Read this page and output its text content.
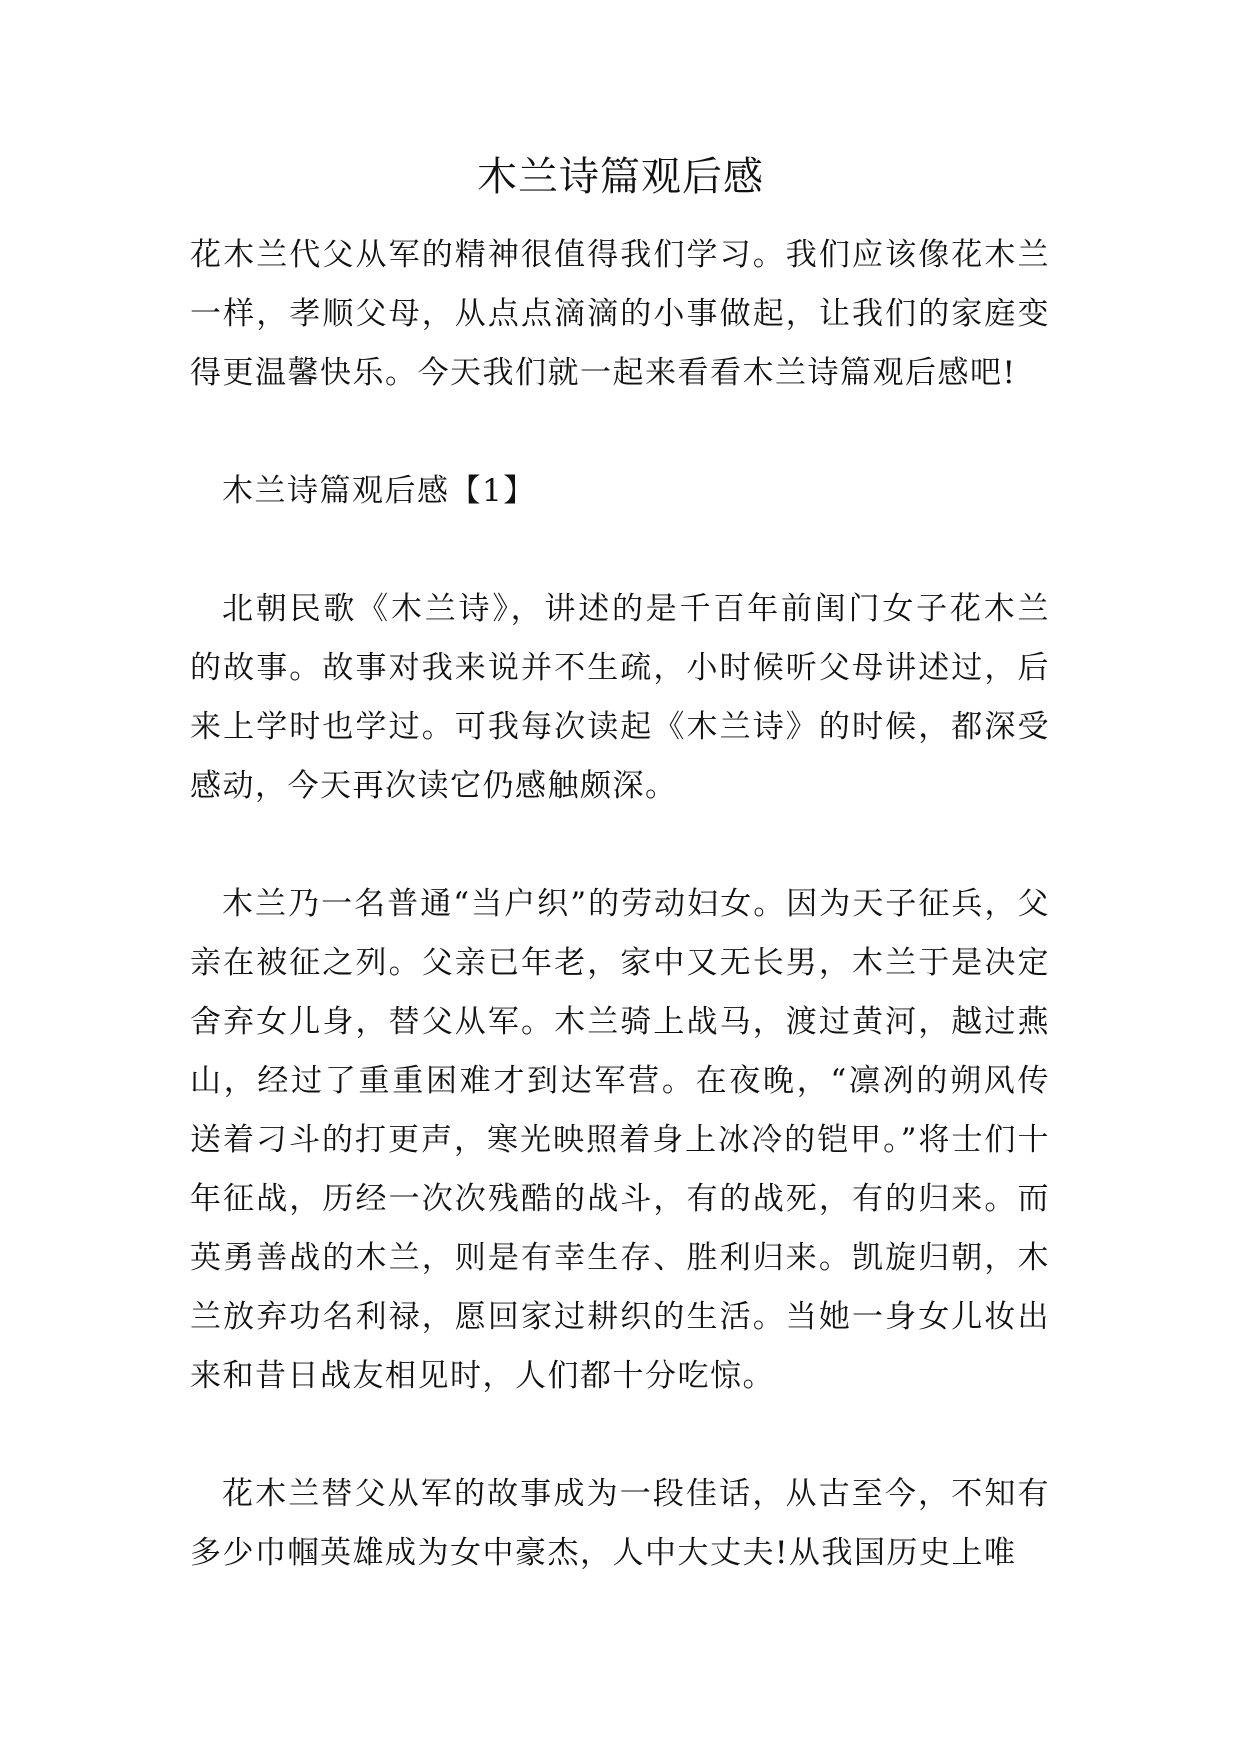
木兰诗篇观后感

花木兰代父从军的精神很值得我们学习。我们应该像花木兰一样，孝顺父母，从点点滴滴的小事做起，让我们的家庭变得更温馨快乐。今天我们就一起来看看木兰诗篇观后感吧!

木兰诗篇观后感【1】

北朝民歌《木兰诗》，讲述的是千百年前闺门女子花木兰的故事。故事对我来说并不生疏，小时候听父母讲述过，后来上学时也学过。可我每次读起《木兰诗》的时候，都深受感动，今天再次读它仍感触颇深。

木兰乃一名普通“当户织”的劳动妇女。因为天子征兵，父亲在被征之列。父亲已年老，家中又无长男，木兰于是决定舍弃女儿身，替父从军。木兰骑上战马，渡过黄河，越过燕山，经过了重重困难才到达军营。在夜晚，“凛冽的朔风传送着刁斗的打更声，寒光映照着身上冰冷的铠甲。”将士们十年征战，历经一次次残酷的战斗，有的战死，有的归来。而英勇善战的木兰，则是有幸生存、胜利归来。凯旋归朝，木兰放弃功名利禄，愿回家过耕织的生活。当她一身女儿妆出来和昔日战友相见时，人们都十分吃惊。

花木兰替父从军的故事成为一段佳话，从古至今，不知有多少巾帼英雄成为女中豪杰，人中大丈夫!从我国历史上唯
